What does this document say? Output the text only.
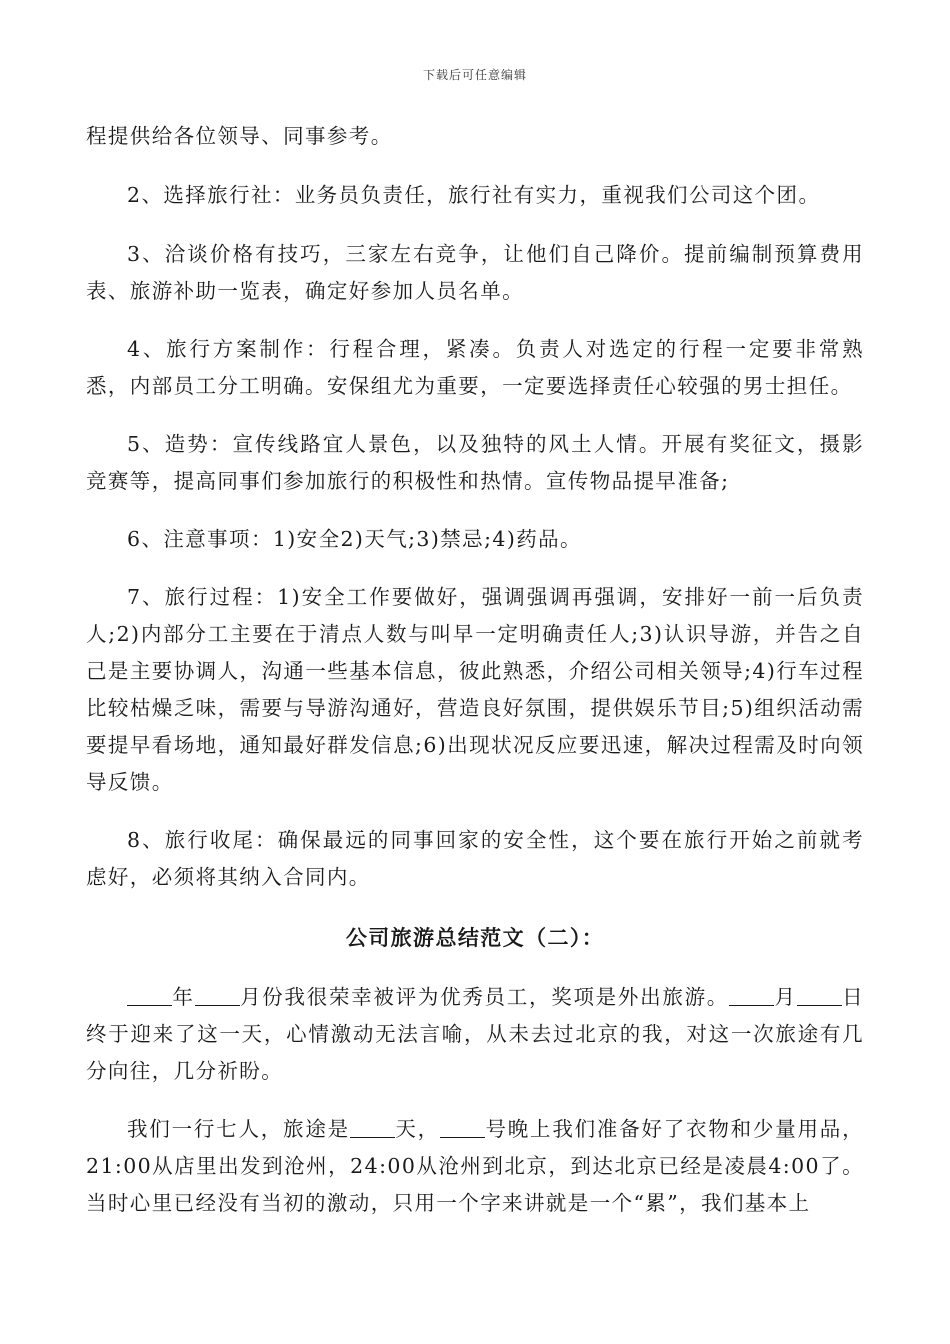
下载后可任意编辑

程提供给各位领导、同事参考。

2、选择旅行社：业务员负责任，旅行社有实力，重视我们公司这个团。

3、洽谈价格有技巧，三家左右竞争，让他们自己降价。提前编制预算费用表、旅游补助一览表，确定好参加人员名单。

4、旅行方案制作：行程合理，紧凑。负责人对选定的行程一定要非常熟悉，内部员工分工明确。安保组尤为重要，一定要选择责任心较强的男士担任。

5、造势：宣传线路宜人景色，以及独特的风土人情。开展有奖征文，摄影竞赛等，提高同事们参加旅行的积极性和热情。宣传物品提早准备;

6、注意事项：1)安全2)天气;3)禁忌;4)药品。

7、旅行过程：1)安全工作要做好，强调强调再强调，安排好一前一后负责人;2)内部分工主要在于清点人数与叫早一定明确责任人;3)认识导游，并告之自己是主要协调人，沟通一些基本信息，彼此熟悉，介绍公司相关领导;4)行车过程比较枯燥乏味，需要与导游沟通好，营造良好氛围，提供娱乐节目;5)组织活动需要提早看场地，通知最好群发信息;6)出现状况反应要迅速，解决过程需及时向领导反馈。

8、旅行收尾：确保最远的同事回家的安全性，这个要在旅行开始之前就考虑好，必须将其纳入合同内。

公司旅游总结范文（二）：

年 月份我很荣幸被评为优秀员工，奖项是外出旅游。 月 日终于迎来了这一天，心情激动无法言喻，从未去过北京的我，对这一次旅途有几分向往，几分祈盼。

我们一行七人，旅途是 天， 号晚上我们准备好了衣物和少量用品，21:00从店里出发到沧州，24:00从沧州到北京，到达北京已经是凌晨4:00了。当时心里已经没有当初的激动，只用一个字来讲就是一个“累”，我们基本上
